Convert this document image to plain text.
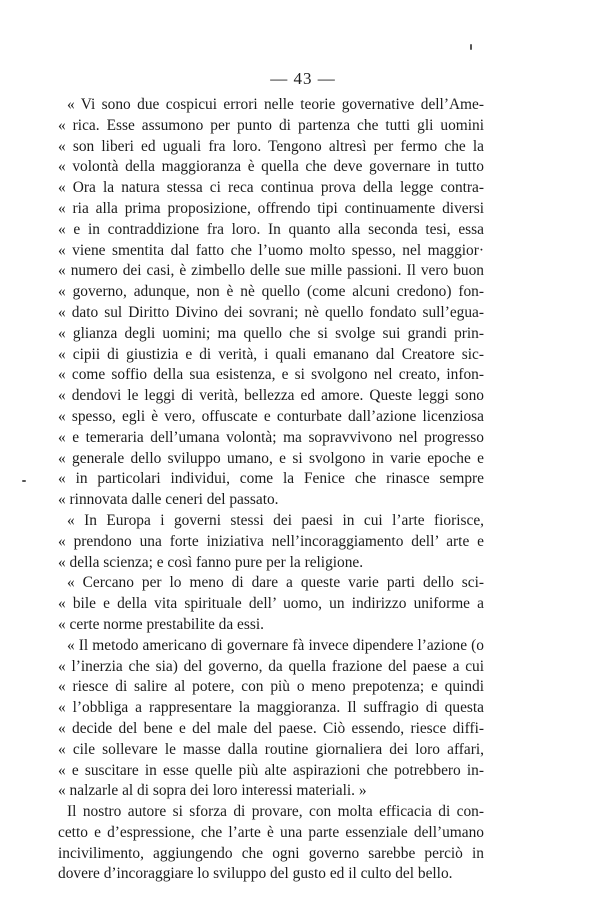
— 43 —
« Vi sono due cospicui errori nelle teorie governative dell’Ame-
« rica. Esse assumono per punto di partenza che tutti gli uomini
« son liberi ed uguali fra loro. Tengono altresì per fermo che la
« volontà della maggioranza è quella che deve governare in tutto
« Ora la natura stessa ci reca continua prova della legge contra-
« ria alla prima proposizione, offrendo tipi continuamente diversi
« e in contraddizione fra loro. In quanto alla seconda tesi, essa
« viene smentita dal fatto che l’uomo molto spesso, nel maggior·
« numero dei casi, è zimbello delle sue mille passioni. Il vero buon
« governo, adunque, non è nè quello (come alcuni credono) fon-
« dato sul Diritto Divino dei sovrani; nè quello fondato sull’egua-
« glianza degli uomini; ma quello che si svolge sui grandi prin-
« cipii di giustizia e di verità, i quali emanano dal Creatore sic-
« come soffio della sua esistenza, e si svolgono nel creato, infon-
« dendovi le leggi di verità, bellezza ed amore. Queste leggi sono
« spesso, egli è vero, offuscate e conturbate dall’azione licenziosa
« e temeraria dell’umana volontà; ma sopravvivono nel progresso
« generale dello sviluppo umano, e si svolgono in varie epoche e
« in particolari individui, come la Fenice che rinasce sempre
« rinnovata dalle ceneri del passato.
« In Europa i governi stessi dei paesi in cui l’arte fiorisce,
« prendono una forte iniziativa nell’incoraggiamento dell’ arte e
« della scienza; e così fanno pure per la religione.
« Cercano per lo meno di dare a queste varie parti dello sci-
« bile e della vita spirituale dell’ uomo, un indirizzo uniforme a
« certe norme prestabilite da essi.
« Il metodo americano di governare fà invece dipendere l’azione (o
« l’inerzia che sia) del governo, da quella frazione del paese a cui
« riesce di salire al potere, con più o meno prepotenza; e quindi
« l’obbliga a rappresentare la maggioranza. Il suffragio di questa
« decide del bene e del male del paese. Ciò essendo, riesce diffi-
« cile sollevare le masse dalla routine giornaliera dei loro affari,
« e suscitare in esse quelle più alte aspirazioni che potrebbero in-
« nalzarle al di sopra dei loro interessi materiali. »
Il nostro autore si sforza di provare, con molta efficacia di con-
cetto e d’espressione, che l’arte è una parte essenziale dell’umano
incivilimento, aggiungendo che ogni governo sarebbe perciò in
dovere d’incoraggiare lo sviluppo del gusto ed il culto del bello.
